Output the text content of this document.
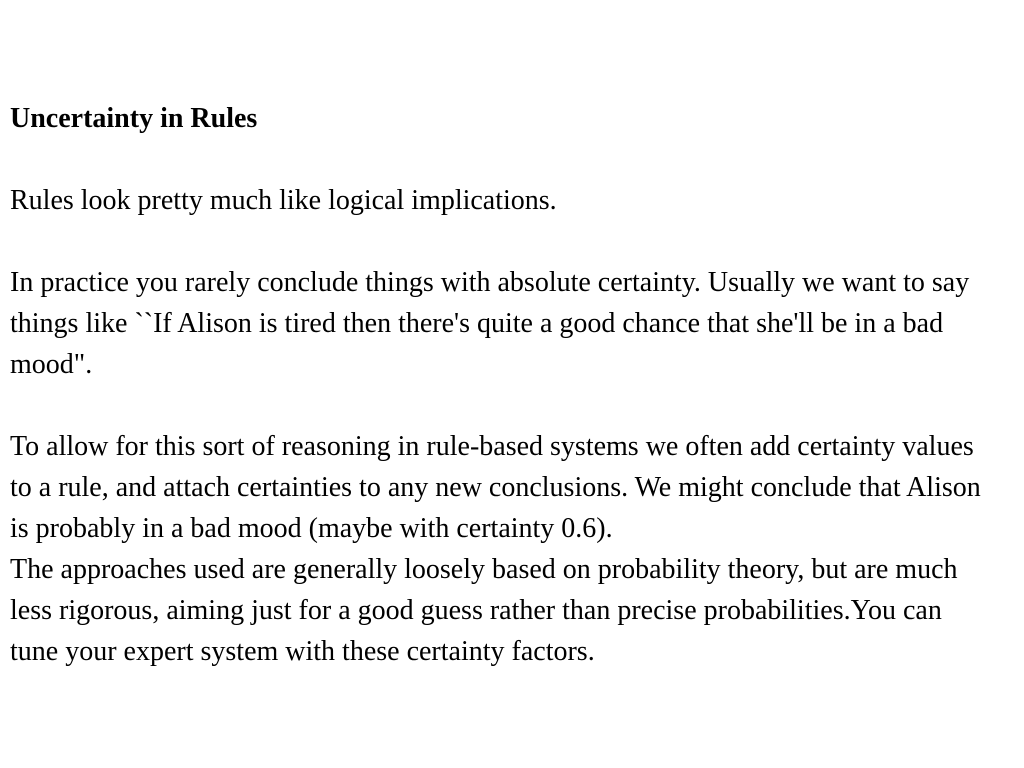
Uncertainty in Rules

Rules look pretty much like logical implications.

In practice you rarely conclude things with absolute certainty. Usually we want to say things like ``If Alison is tired then there's quite a good chance that she'll be in a bad mood".

To allow for this sort of reasoning in rule-based systems we often add certainty values to a rule, and attach certainties to any new conclusions. We might conclude that Alison is probably in a bad mood (maybe with certainty 0.6).

The approaches used are generally loosely based on probability theory, but are much less rigorous, aiming just for a good guess rather than precise probabilities.You can tune your expert system with these certainty factors.
